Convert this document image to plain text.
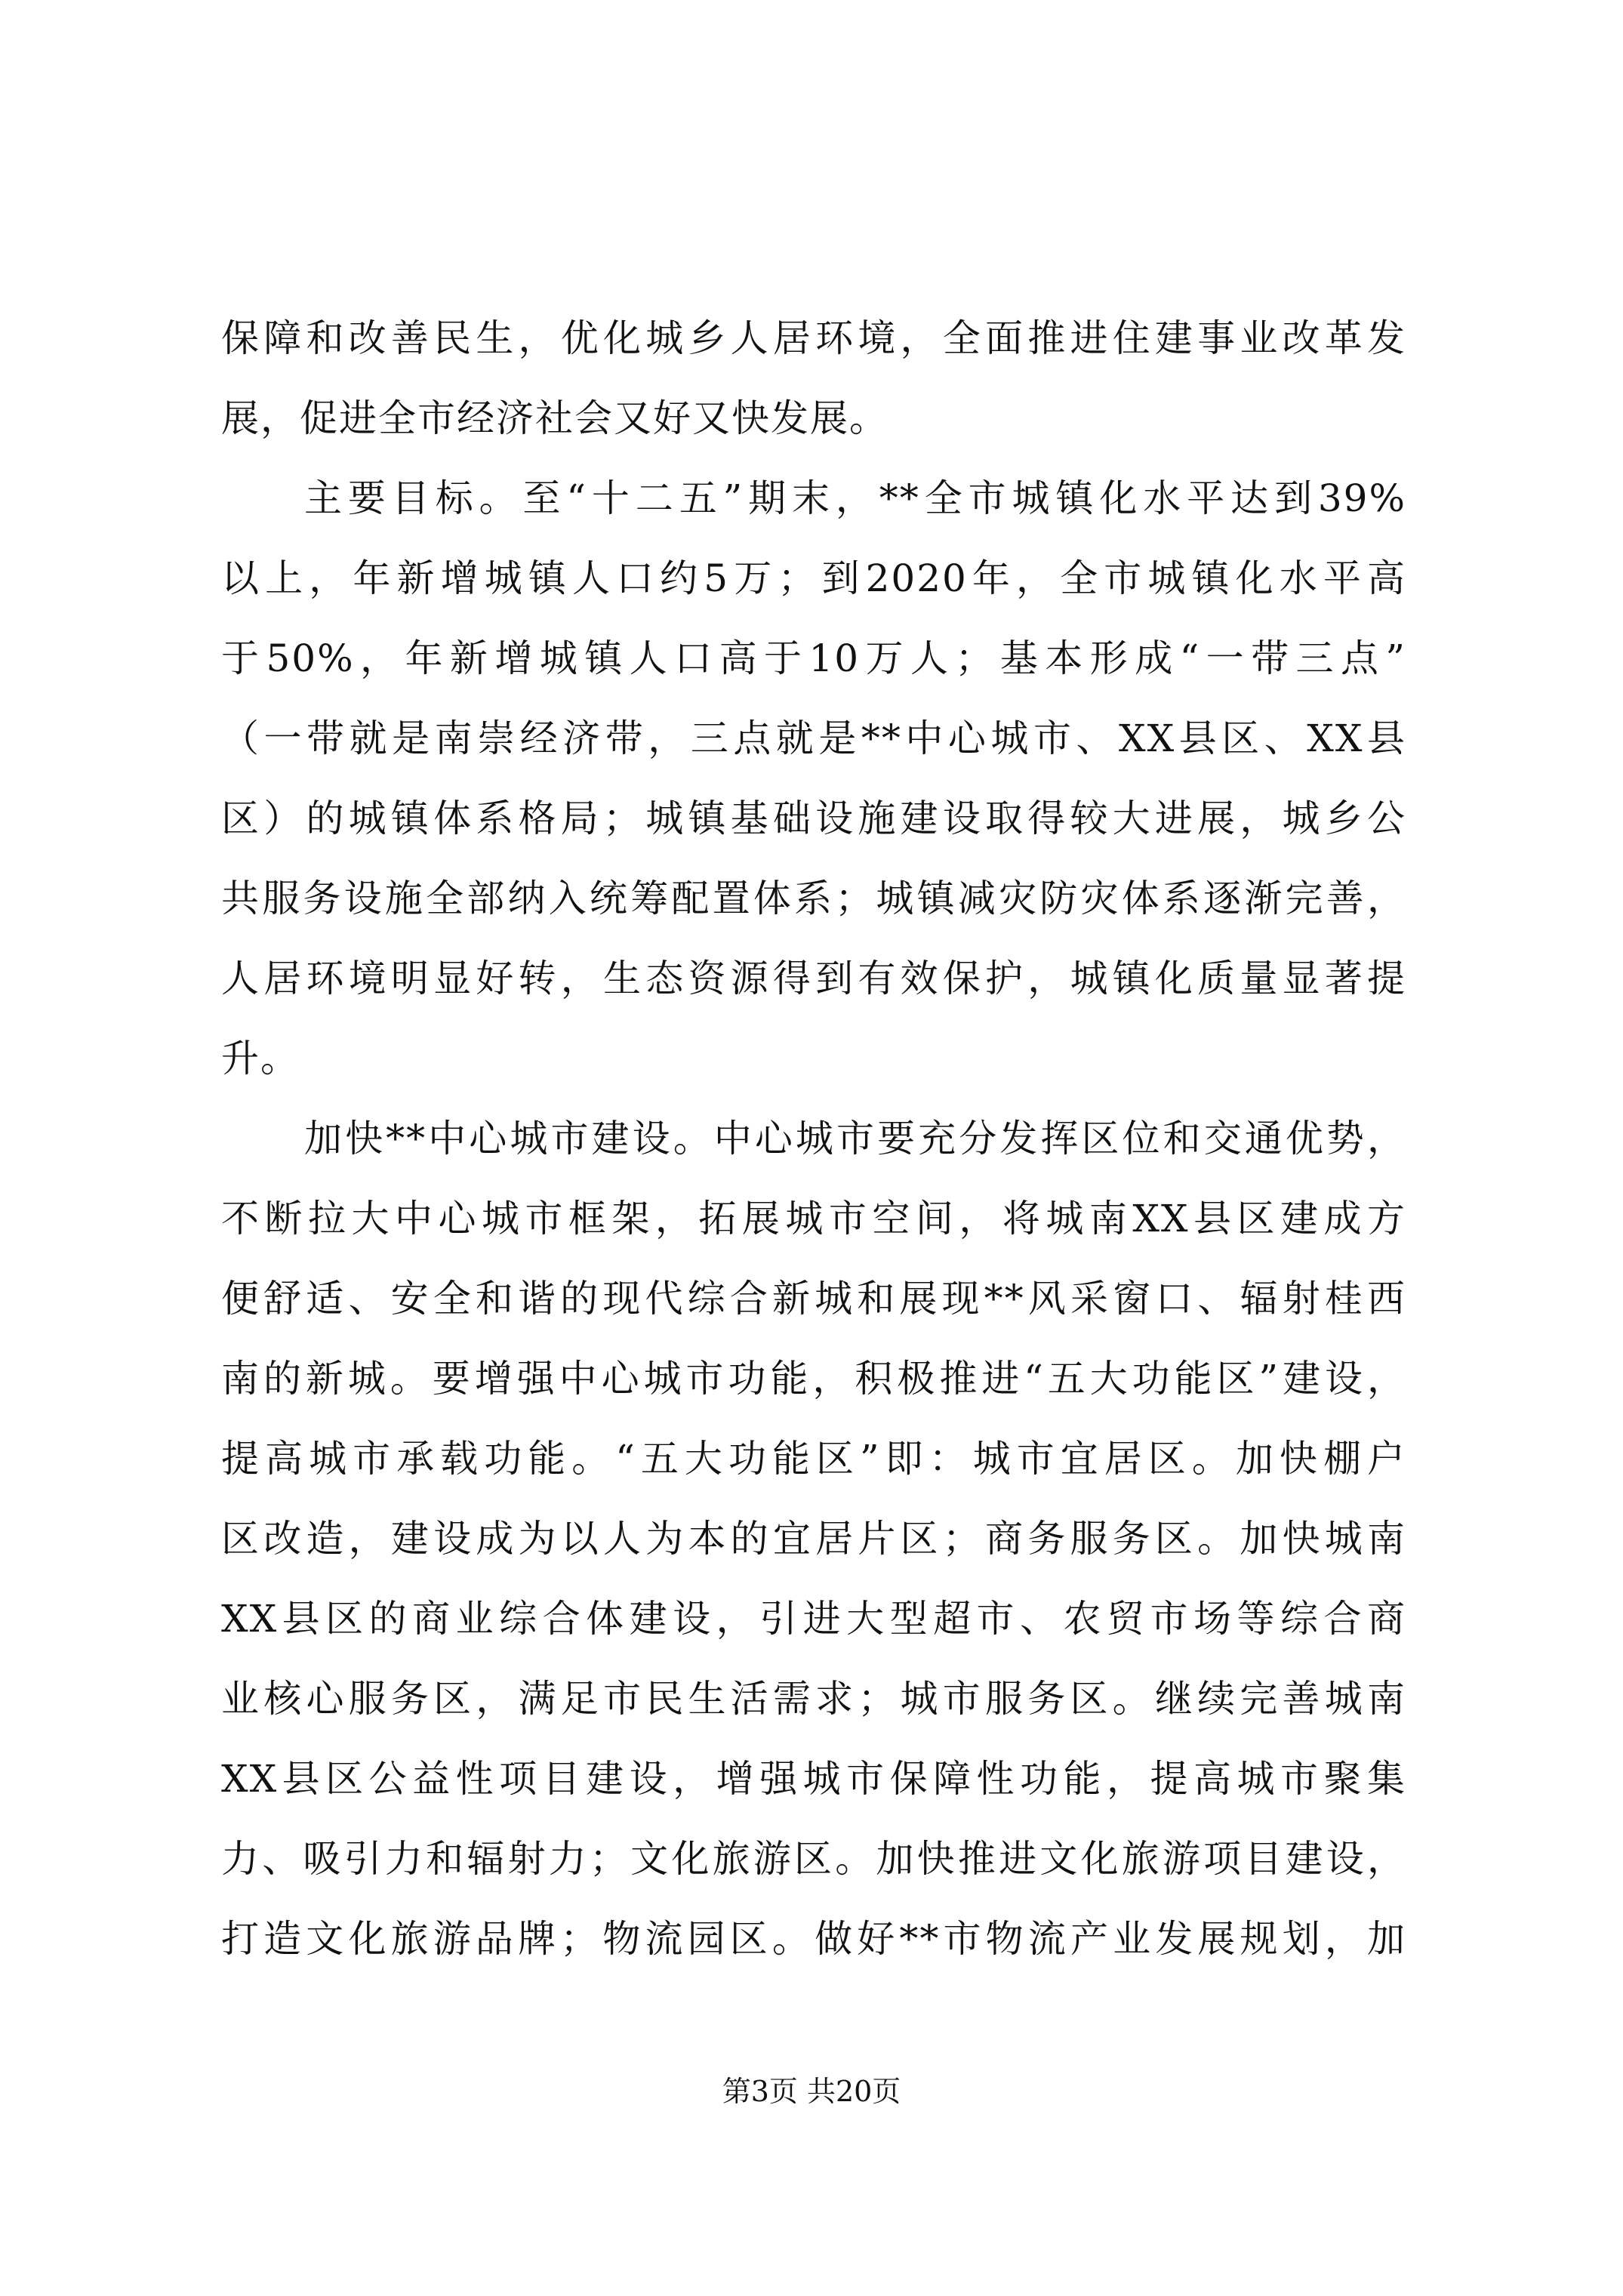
保障和改善民生，优化城乡人居环境，全面推进住建事业改革发
展，促进全市经济社会又好又快发展。
主要目标。至“十二五”期末，**全市城镇化水平达到39%
以上，年新增城镇人口约5万；到2020年，全市城镇化水平高
于50%，年新增城镇人口高于10万人；基本形成“一带三点”
（一带就是南崇经济带，三点就是**中心城市、XX县区、XX县
区）的城镇体系格局；城镇基础设施建设取得较大进展，城乡公
共服务设施全部纳入统筹配置体系；城镇减灾防灾体系逐渐完善，
人居环境明显好转，生态资源得到有效保护，城镇化质量显著提
升。
加快**中心城市建设。中心城市要充分发挥区位和交通优势，
不断拉大中心城市框架，拓展城市空间，将城南XX县区建成方
便舒适、安全和谐的现代综合新城和展现**风采窗口、辐射桂西
南的新城。要增强中心城市功能，积极推进“五大功能区”建设，
提高城市承载功能。“五大功能区”即：城市宜居区。加快棚户
区改造，建设成为以人为本的宜居片区；商务服务区。加快城南
XX县区的商业综合体建设，引进大型超市、农贸市场等综合商
业核心服务区，满足市民生活需求；城市服务区。继续完善城南
XX县区公益性项目建设，增强城市保障性功能，提高城市聚集
力、吸引力和辐射力；文化旅游区。加快推进文化旅游项目建设，
打造文化旅游品牌；物流园区。做好**市物流产业发展规划，加
第3页 共20页
